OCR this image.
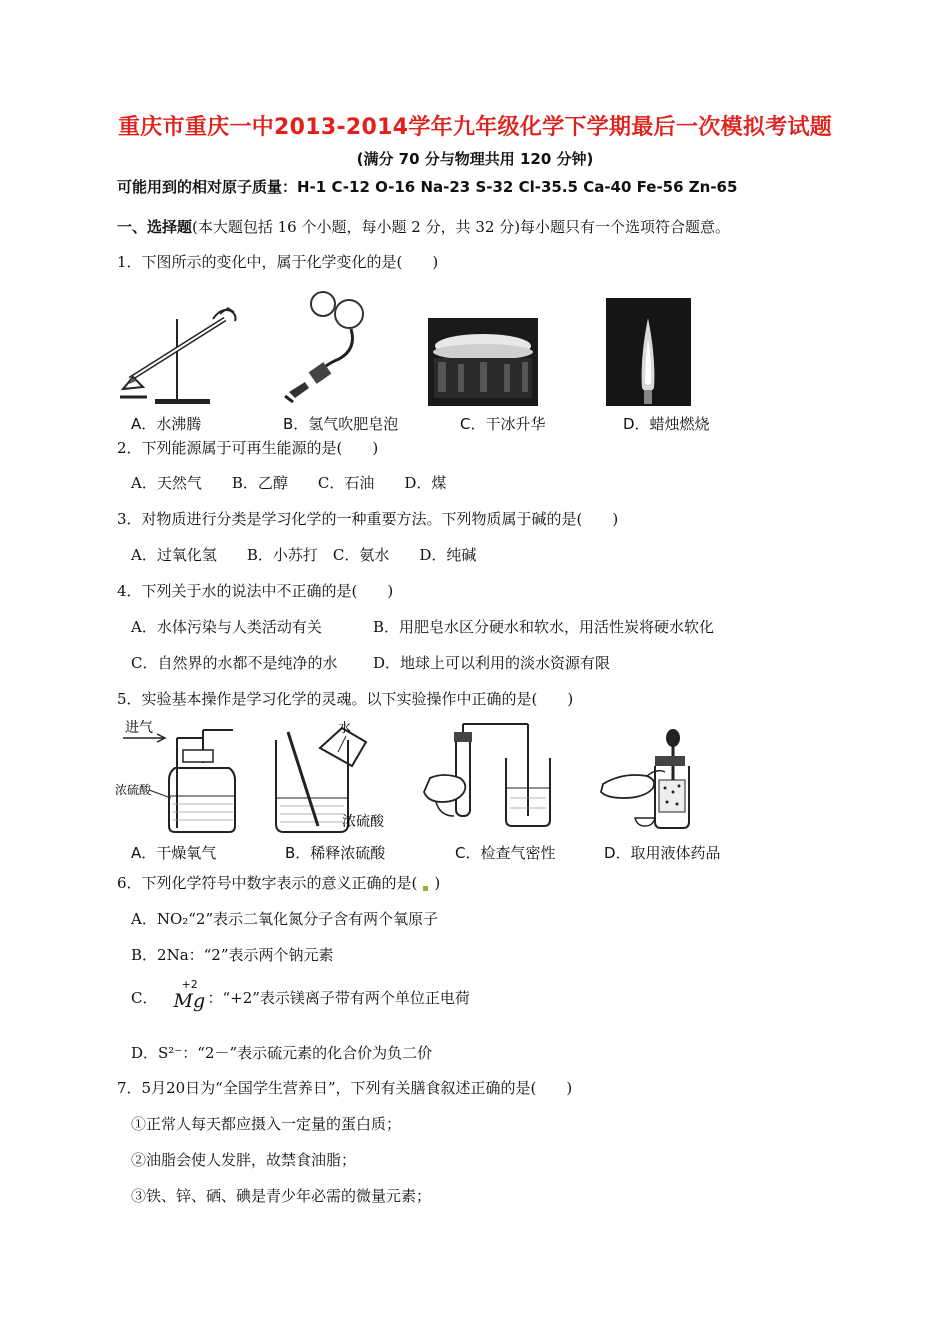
重庆市重庆一中2013-2014学年九年级化学下学期最后一次模拟考试题
(满分 70 分与物理共用 120 分钟)
可能用到的相对原子质量：H-1 C-12 O-16 Na-23 S-32 Cl-35.5 Ca-40 Fe-56 Zn-65
一、选择题(本大题包括 16 个小题，每小题 2 分，共 32 分)每小题只有一个选项符合题意。
1．下图所示的变化中，属于化学变化的是(　　)
A．水沸腾	B．氢气吹肥皂泡	C．干冰升华	D．蜡烛燃烧
2．下列能源属于可再生能源的是(　　)
A．天然气　　B．乙醇　　C．石油　　D．煤
3．对物质进行分类是学习化学的一种重要方法。下列物质属于碱的是(　　)
A．过氧化氢　　B．小苏打　C．氨水　　D．纯碱
4．下列关于水的说法中不正确的是(　　)
A．水体污染与人类活动有关	B．用肥皂水区分硬水和软水，用活性炭将硬水软化
C．自然界的水都不是纯净的水 D．地球上可以利用的淡水资源有限
5．实验基本操作是学习化学的灵魂。以下实验操作中正确的是(　　)
进气
浓硫酸
水
浓硫酸
A．干燥氧气	B．稀释浓硫酸	C．检查气密性	D．取用液体药品
6．下列化学符号中数字表示的意义正确的是( )
A．NO₂“2”表示二氧化氮分子含有两个氧原子
B．2Na：“2”表示两个钠元素
C．
+2
Mg ：“+2”表示镁离子带有两个单位正电荷
D．S²⁻：“2－”表示硫元素的化合价为负二价
7．5月20日为“全国学生营养日”，下列有关膳食叙述正确的是(　　)
①正常人每天都应摄入一定量的蛋白质；
②油脂会使人发胖，故禁食油脂；
③铁、锌、硒、碘是青少年必需的微量元素；
